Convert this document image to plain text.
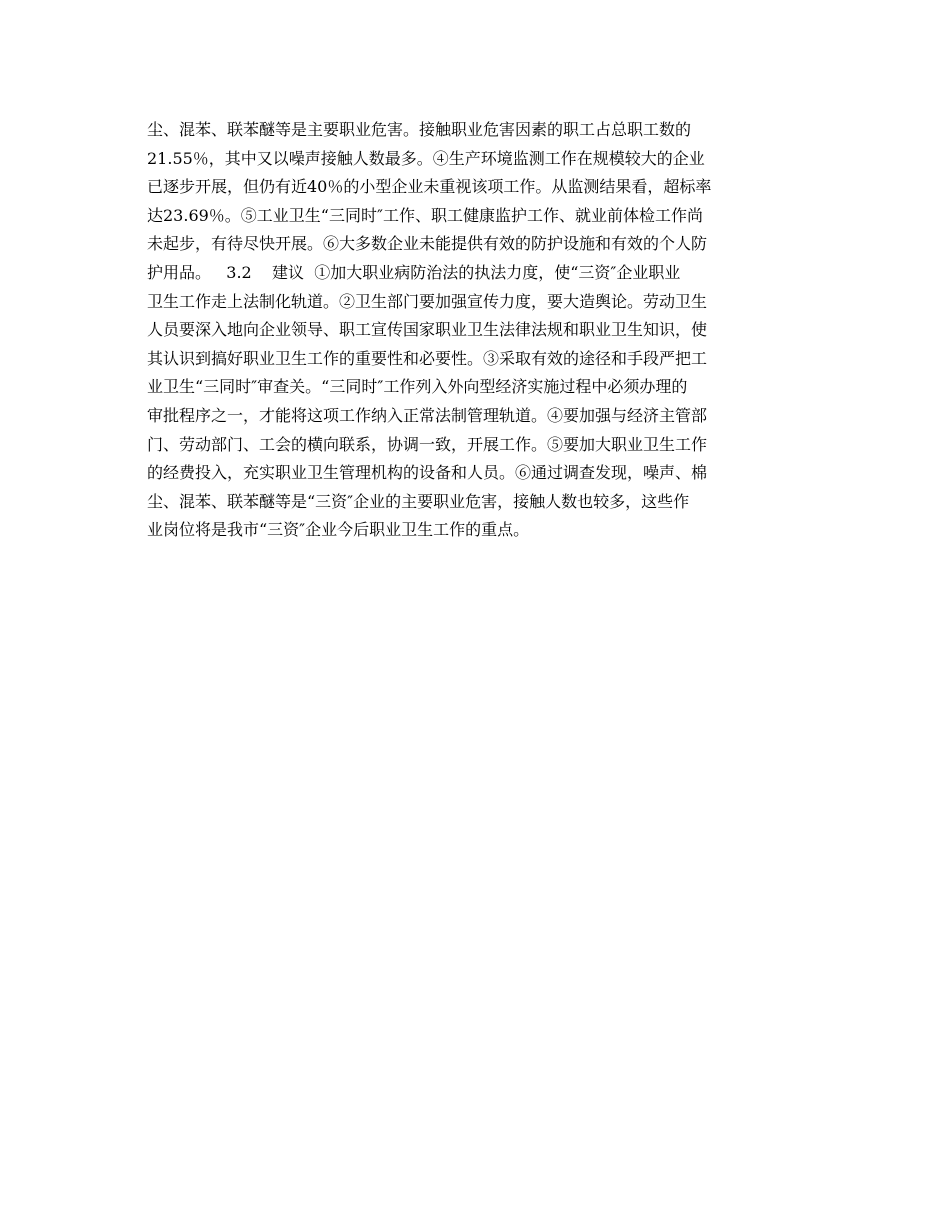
尘、混苯、联苯醚等是主要职业危害。接触职业危害因素的职工占总职工数的
21.55％，其中又以噪声接触人数最多。④生产环境监测工作在规模较大的企业
已逐步开展，但仍有近40％的小型企业未重视该项工作。从监测结果看，超标率
达23.69％。⑤工业卫生“三同时″工作、职工健康监护工作、就业前体检工作尚
未起步，有待尽快开展。⑥大多数企业未能提供有效的防护设施和有效的个人防
护用品。   3.2    建议  ①加大职业病防治法的执法力度，使“三资″企业职业
卫生工作走上法制化轨道。②卫生部门要加强宣传力度，要大造舆论。劳动卫生
人员要深入地向企业领导、职工宣传国家职业卫生法律法规和职业卫生知识，使
其认识到搞好职业卫生工作的重要性和必要性。③采取有效的途径和手段严把工
业卫生“三同时″审查关。“三同时″工作列入外向型经济实施过程中必须办理的
审批程序之一，才能将这项工作纳入正常法制管理轨道。④要加强与经济主管部
门、劳动部门、工会的横向联系，协调一致，开展工作。⑤要加大职业卫生工作
的经费投入，充实职业卫生管理机构的设备和人员。⑥通过调查发现，噪声、棉
尘、混苯、联苯醚等是“三资″企业的主要职业危害，接触人数也较多，这些作
业岗位将是我市“三资″企业今后职业卫生工作的重点。
